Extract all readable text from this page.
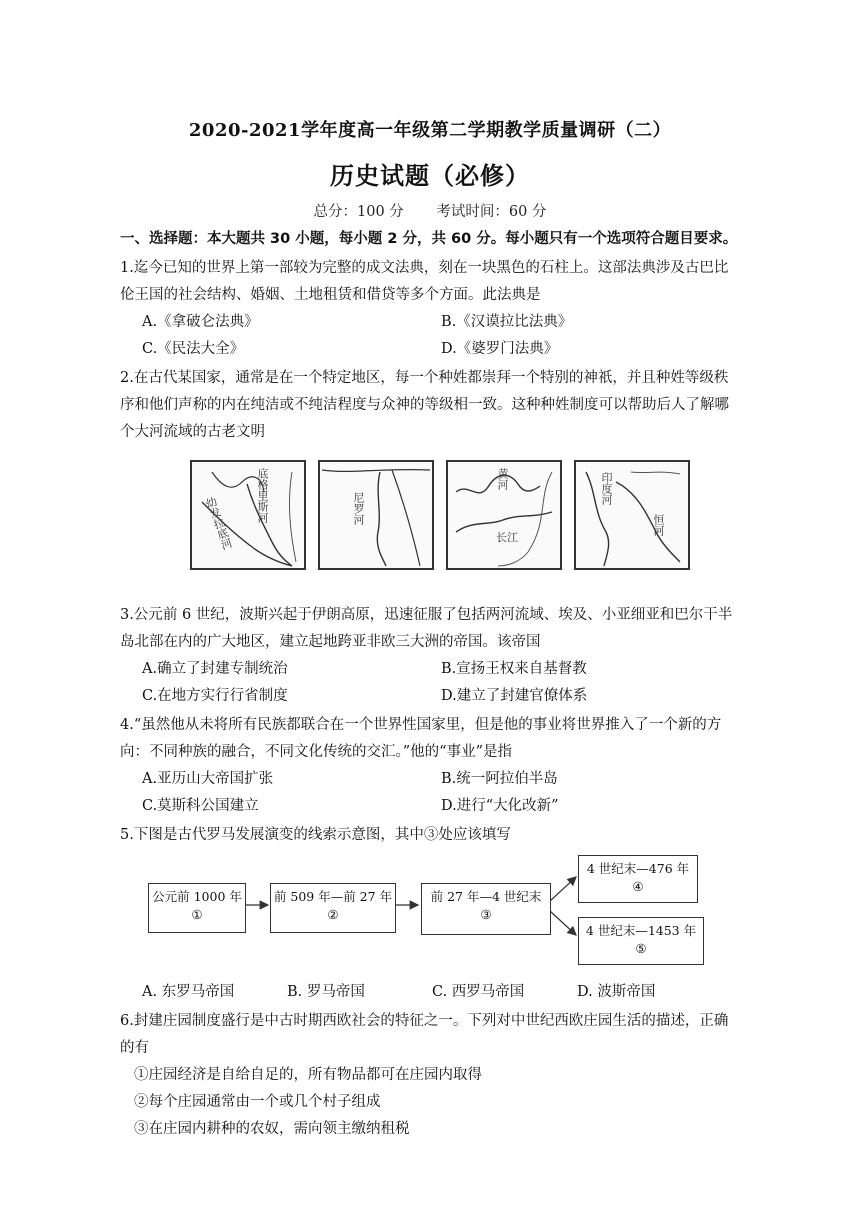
2020-2021学年度高一年级第二学期教学质量调研（二）
历史试题（必修）
总分：100 分 考试时间：60 分
一、选择题：本大题共 30 小题，每小题 2 分，共 60 分。每小题只有一个选项符合题目要求。
1.迄今已知的世界上第一部较为完整的成文法典，刻在一块黑色的石柱上。这部法典涉及古巴比伦王国的社会结构、婚姻、土地租赁和借贷等多个方面。此法典是
A.《拿破仑法典》	B.《汉谟拉比法典》
C.《民法大全》	D.《婆罗门法典》
2.在古代某国家，通常是在一个特定地区，每一个种姓都崇拜一个特别的神祇，并且种姓等级秩序和他们声称的内在纯洁或不纯洁程度与众神的等级相一致。这种种姓制度可以帮助后人了解哪个大河流域的古老文明
底格里斯河
幼发拉底河	尼罗河
黄河
长江
印度河
恒河
3.公元前 6 世纪，波斯兴起于伊朗高原，迅速征服了包括两河流域、埃及、小亚细亚和巴尔干半岛北部在内的广大地区，建立起地跨亚非欧三大洲的帝国。该帝国
A.确立了封建专制统治	B.宣扬王权来自基督教
C.在地方实行行省制度	D.建立了封建官僚体系
4.“虽然他从未将所有民族都联合在一个世界性国家里，但是他的事业将世界推入了一个新的方向：不同种族的融合，不同文化传统的交汇。”他的“事业”是指
A.亚历山大帝国扩张	B.统一阿拉伯半岛
C.莫斯科公国建立	D.进行“大化改新”
5.下图是古代罗马发展演变的线索示意图，其中③处应该填写
公元前 1000 年
①
前 509 年—前 27 年
②
前 27 年—4 世纪末
③
4 世纪末—476 年
④
4 世纪末—1453 年
⑤
A. 东罗马帝国	B. 罗马帝国	C. 西罗马帝国	D. 波斯帝国
6.封建庄园制度盛行是中古时期西欧社会的特征之一。下列对中世纪西欧庄园生活的描述，正确的有
①庄园经济是自给自足的，所有物品都可在庄园内取得
②每个庄园通常由一个或几个村子组成
③在庄园内耕种的农奴，需向领主缴纳租税
